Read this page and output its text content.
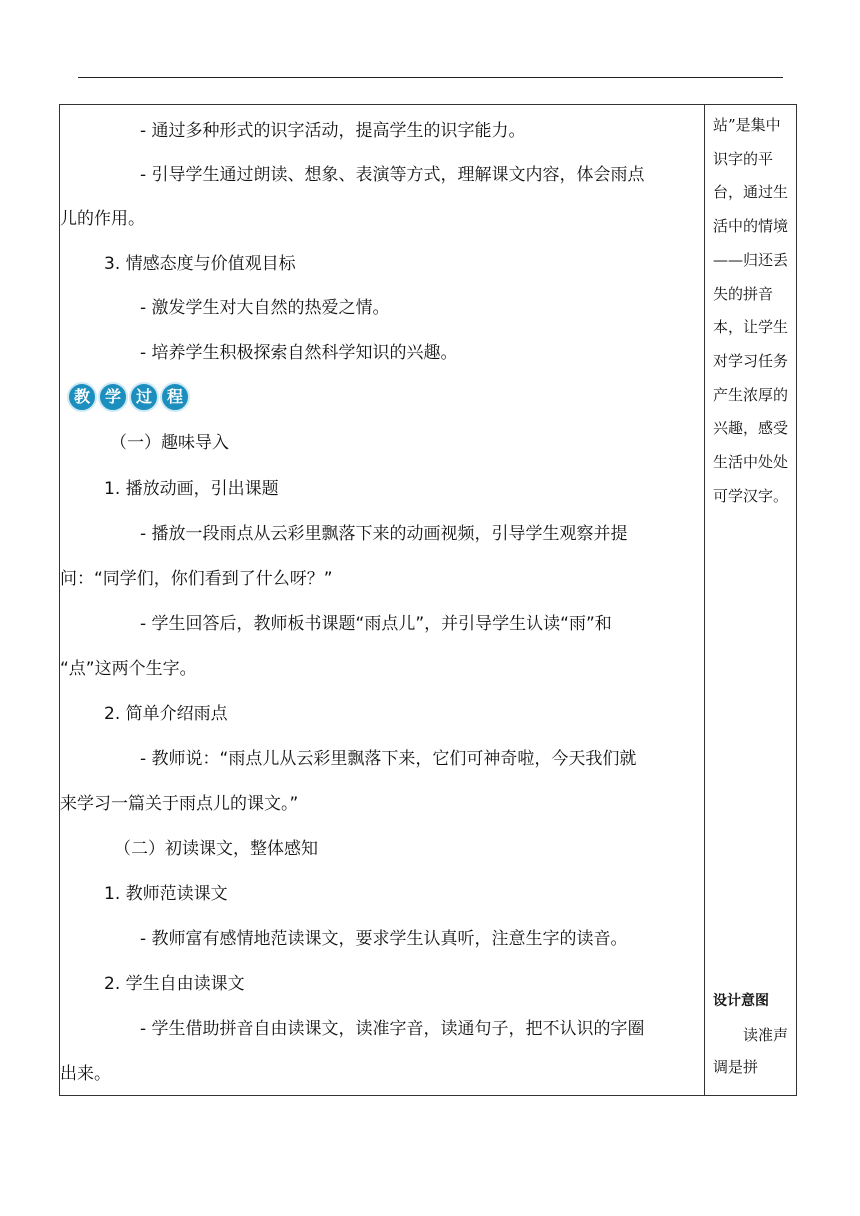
- 通过多种形式的识字活动，提高学生的识字能力。
- 引导学生通过朗读、想象、表演等方式，理解课文内容，体会雨点
儿的作用。
3. 情感态度与价值观目标
- 激发学生对大自然的热爱之情。
- 培养学生积极探索自然科学知识的兴趣。
教 学 过 程
（一）趣味导入
1. 播放动画，引出课题
- 播放一段雨点从云彩里飘落下来的动画视频，引导学生观察并提
问：“同学们，你们看到了什么呀？”
- 学生回答后，教师板书课题“雨点儿”，并引导学生认读“雨”和
“点”这两个生字。
2. 简单介绍雨点
- 教师说：“雨点儿从云彩里飘落下来，它们可神奇啦，今天我们就
来学习一篇关于雨点儿的课文。”
（二）初读课文，整体感知
1. 教师范读课文
- 教师富有感情地范读课文，要求学生认真听，注意生字的读音。
2. 学生自由读课文
- 学生借助拼音自由读课文，读准字音，读通句子，把不认识的字圈
出来。
站”是集中识字的平台，通过生活中的情境——归还丢失的拼音本，让学生对学习任务产生浓厚的兴趣，感受生活中处处可学汉字。
设计意图
读准声调是拼
